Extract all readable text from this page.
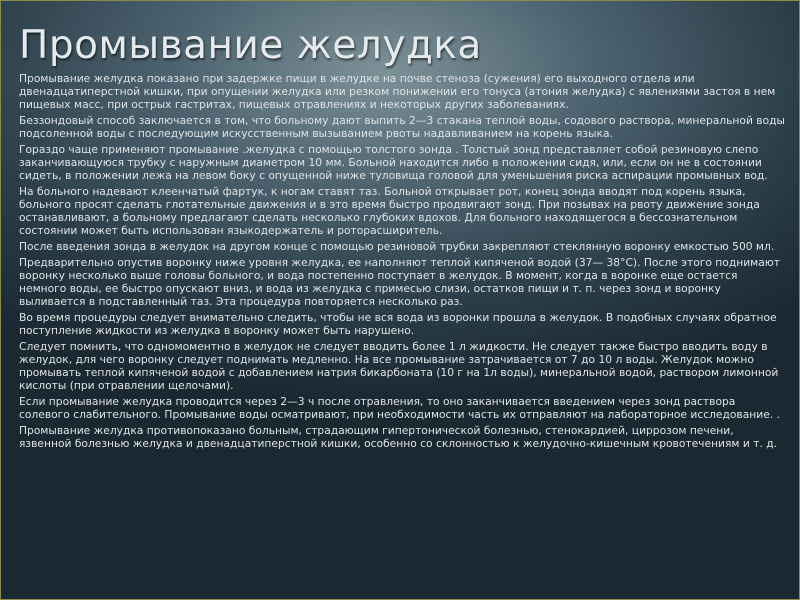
Промывание желудка

Промывание желудка показано при задержке пищи в желудке на почве стеноза (сужения) его выходного отдела или двенадцатиперстной кишки, при опущении желудка или резком понижении его тонуса (атония желудка) с явлениями застоя в нем пищевых масс, при острых гастритах, пищевых отравлениях и некоторых других заболеваниях.

Беззондовый способ заключается в том, что больному дают выпить 2—3 стакана теплой воды, содового раствора, минеральной воды подсоленной воды с последующим искусственным вызыванием рвоты надавливанием на корень языка.

Гораздо чаще применяют промывание .желудка с помощью толстого зонда . Толстый зонд представляет собой резиновую слепо заканчивающуюся трубку с наружным диаметром 10 мм. Больной находится либо в положении сидя, или, если он не в состоянии сидеть, в положении лежа на левом боку с опущенной ниже туловища головой для уменьшения риска аспирации промывных вод.

На больного надевают клеенчатый фартук, к ногам ставят таз. Больной открывает рот, конец зонда вводят под корень языка, больного просят сделать глотательные движения и в это время быстро продвигают зонд. При позывах на рвоту движение зонда останавливают, а больному предлагают сделать несколько глубоких вдохов. Для больного находящегося в бессознательном состоянии может быть использован языкодержатель и роторасширитель.

После введения зонда в желудок на другом конце с помощью резиновой трубки закрепляют стеклянную воронку емкостью 500 мл.

Предварительно опустив воронку ниже уровня желудка, ее наполняют теплой кипяченой водой (37— 38°С). После этого поднимают воронку несколько выше головы больного, и вода постепенно поступает в желудок. В момент, когда в воронке еще остается немного воды, ее быстро опускают вниз, и вода из желудка с примесью слизи, остатков пищи и т. п. через зонд и воронку выливается в подставленный таз. Эта процедура повторяется несколько раз.

Во время процедуры следует внимательно следить, чтобы не вся вода из воронки прошла в желудок. В подобных случаях обратное поступление жидкости из желудка в воронку может быть нарушено.

Следует помнить, что одномоментно в желудок не следует вводить более 1 л жидкости. Не следует также быстро вводить воду в желудок, для чего воронку следует поднимать медленно. На все промывание затрачивается от 7 до 10 л воды. Желудок можно промывать теплой кипяченой водой с добавлением натрия бикарбоната (10 г на 1л воды), минеральной водой, раствором лимонной кислоты (при отравлении щелочами).

Если промывание желудка проводится через 2—3 ч после отравления, то оно заканчивается введением через зонд раствора солевого слабительного. Промывание воды осматривают, при необходимости часть их отправляют на лабораторное исследование. .

Промывание желудка противопоказано больным, страдающим гипертонической болезнью, стенокардией, циррозом печени, язвенной болезнью желудка и двенадцатиперстной кишки, особенно со склонностью к желудочно-кишечным кровотечениям и т. д.
